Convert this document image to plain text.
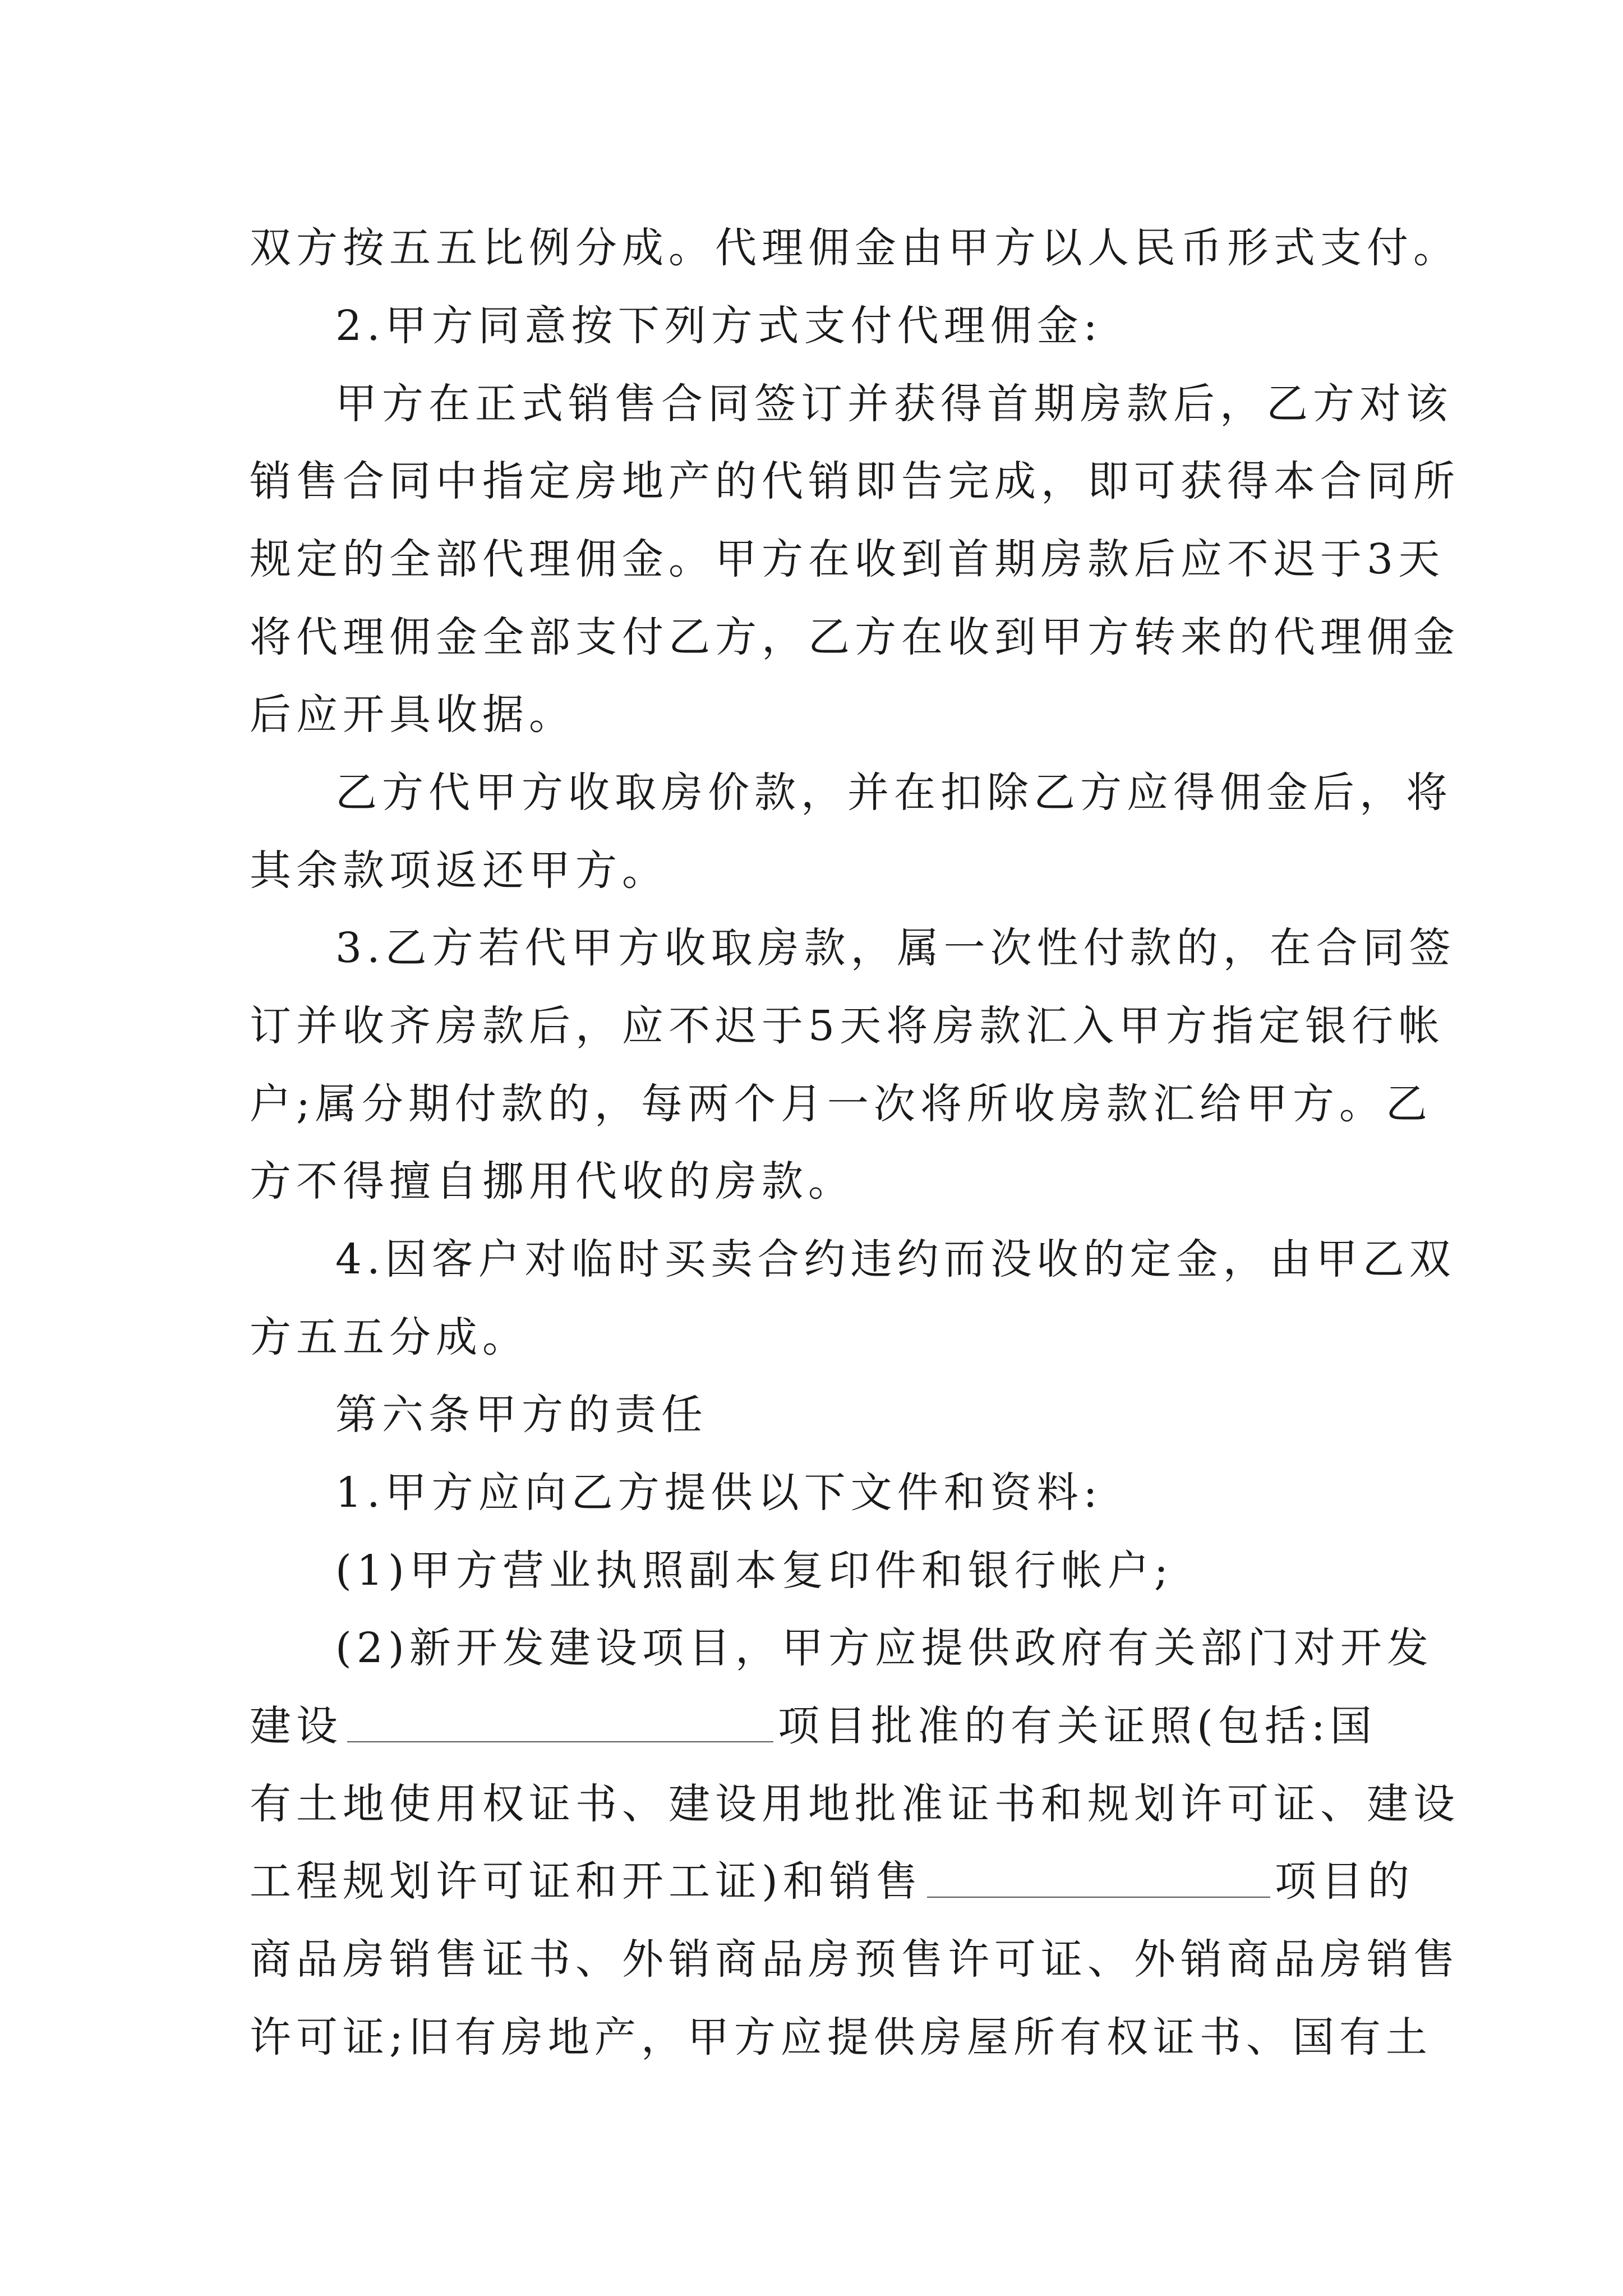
双方按五五比例分成。代理佣金由甲方以人民币形式支付。
2.甲方同意按下列方式支付代理佣金:
甲方在正式销售合同签订并获得首期房款后，乙方对该
销售合同中指定房地产的代销即告完成，即可获得本合同所
规定的全部代理佣金。甲方在收到首期房款后应不迟于3天
将代理佣金全部支付乙方，乙方在收到甲方转来的代理佣金
后应开具收据。
乙方代甲方收取房价款，并在扣除乙方应得佣金后，将
其余款项返还甲方。
3.乙方若代甲方收取房款，属一次性付款的，在合同签
订并收齐房款后，应不迟于5天将房款汇入甲方指定银行帐
户;属分期付款的，每两个月一次将所收房款汇给甲方。乙
方不得擅自挪用代收的房款。
4.因客户对临时买卖合约违约而没收的定金，由甲乙双
方五五分成。
第六条甲方的责任
1.甲方应向乙方提供以下文件和资料:
(1)甲方营业执照副本复印件和银行帐户;
(2)新开发建设项目，甲方应提供政府有关部门对开发
建设	项目批准的有关证照(包括:国
有土地使用权证书、建设用地批准证书和规划许可证、建设
工程规划许可证和开工证)和销售	项目的
商品房销售证书、外销商品房预售许可证、外销商品房销售
许可证;旧有房地产，甲方应提供房屋所有权证书、国有土
